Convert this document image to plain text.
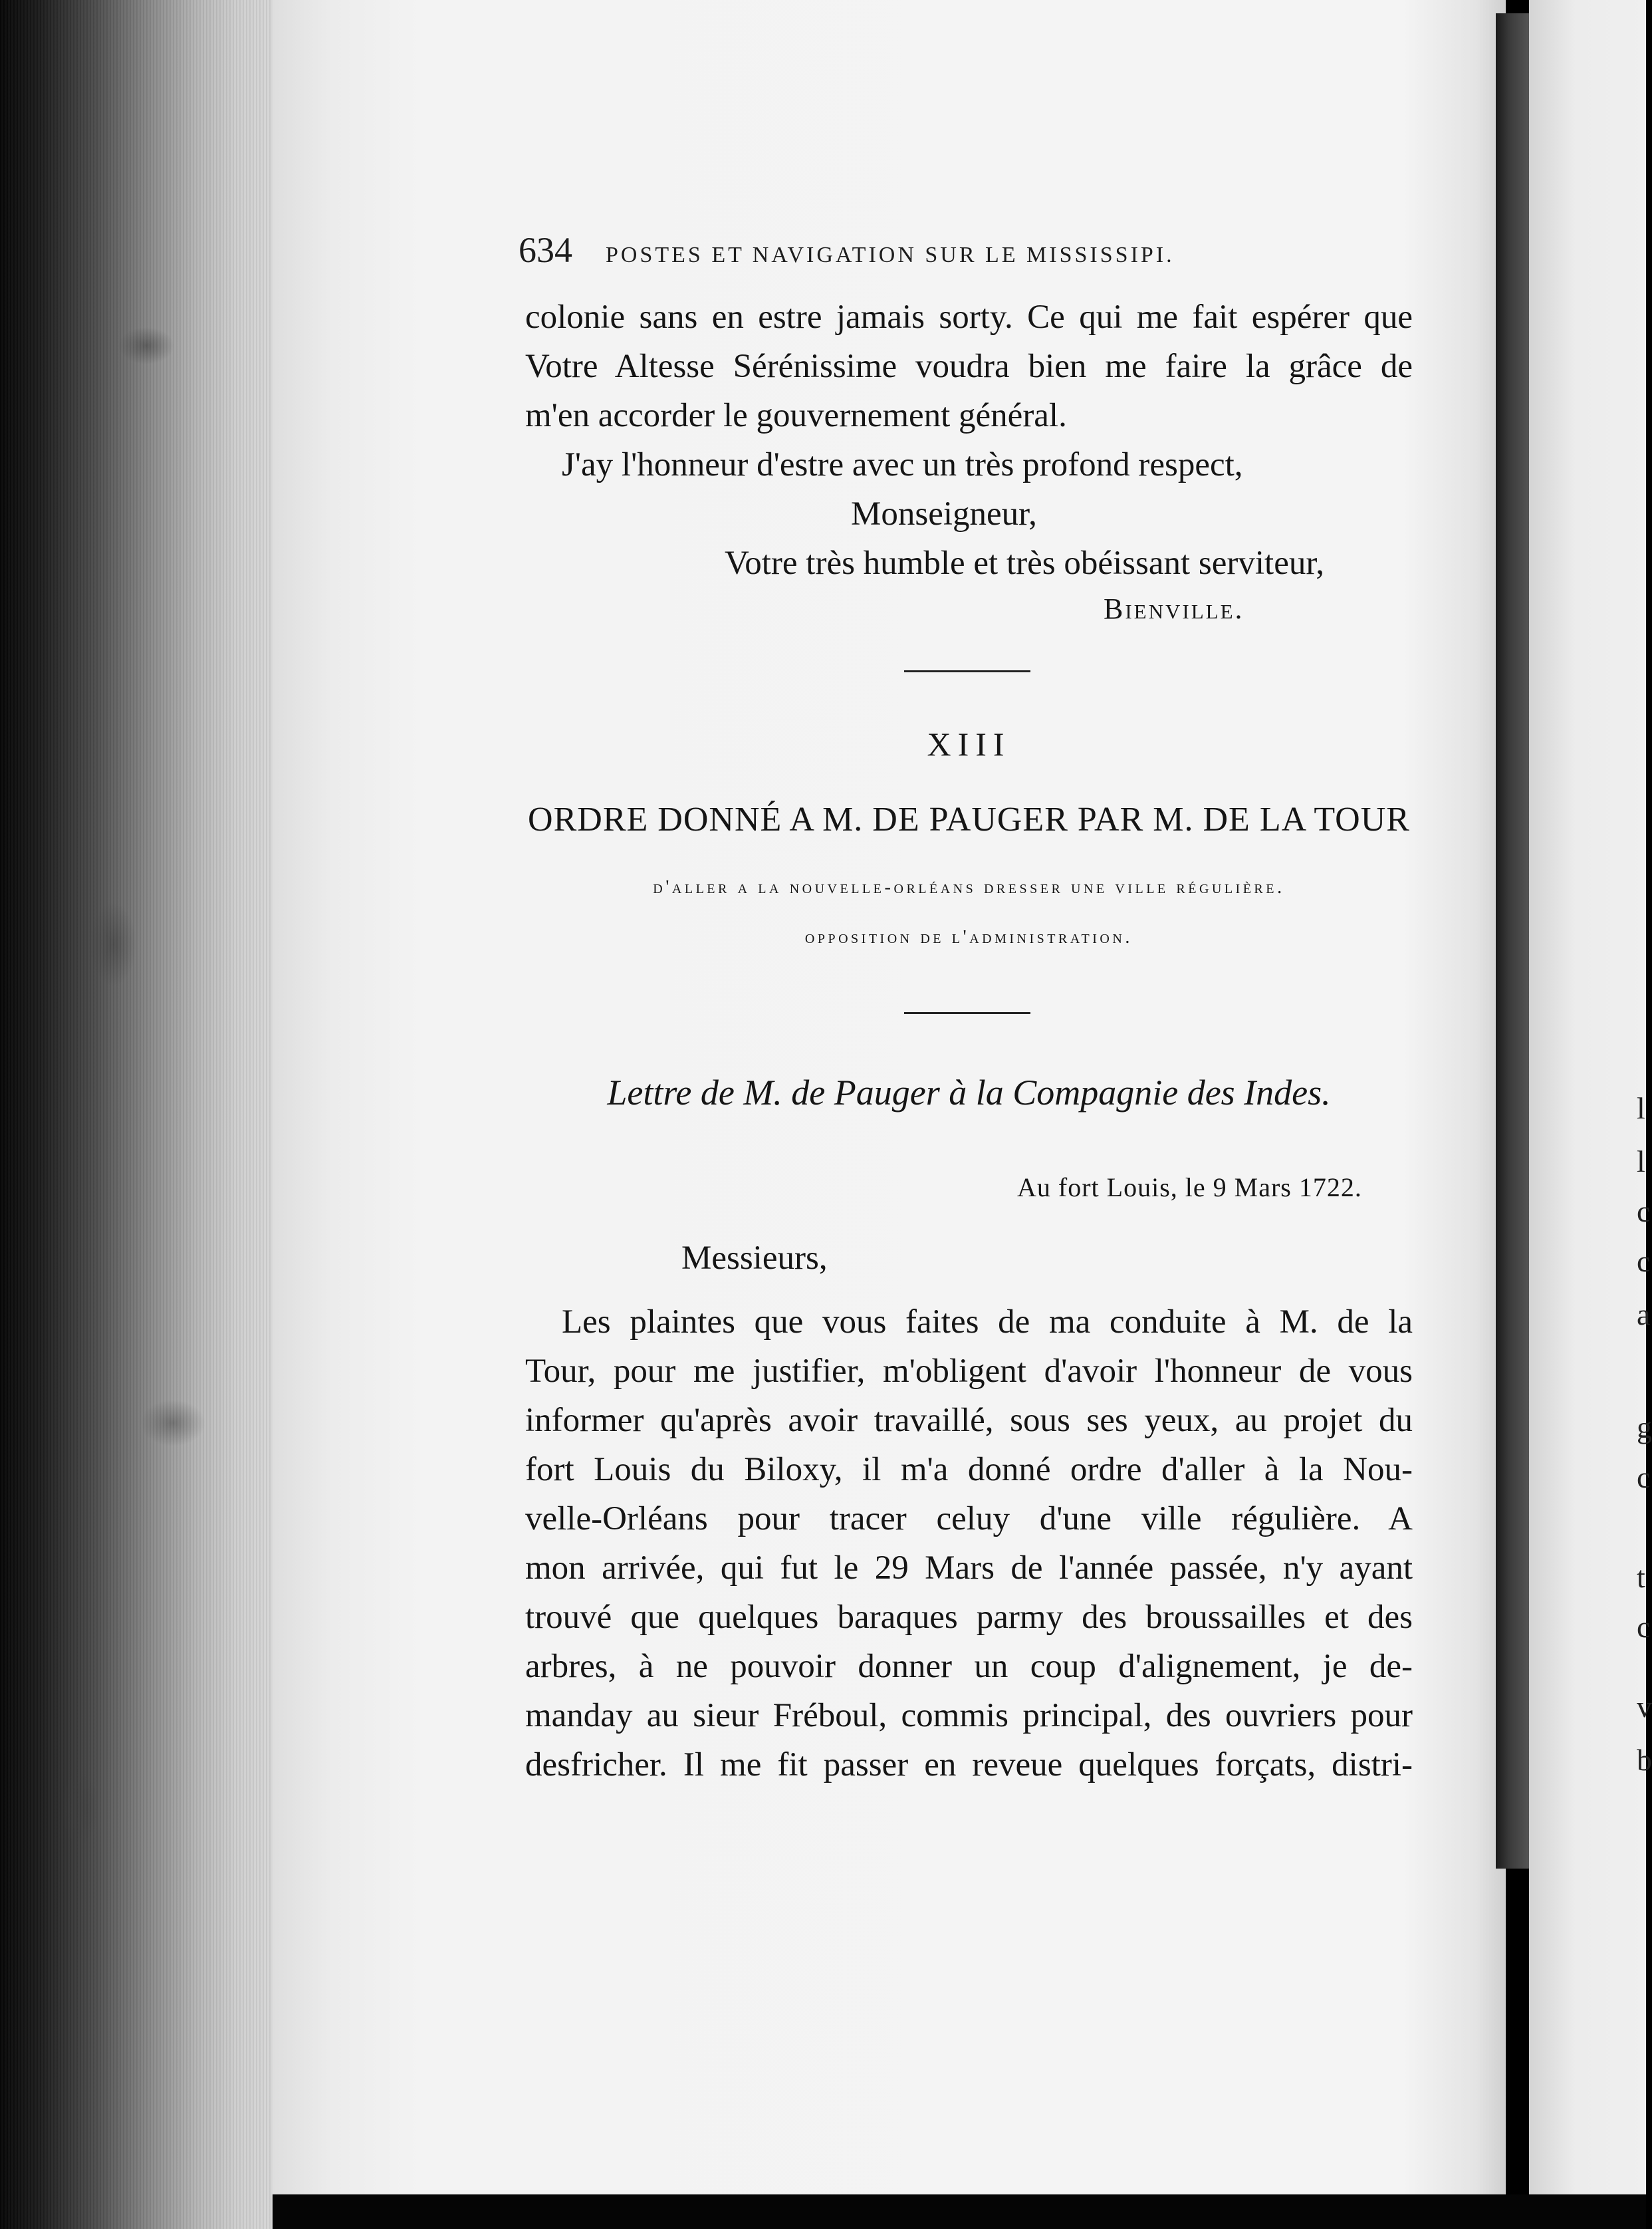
634 POSTES ET NAVIGATION SUR LE MISSISSIPI.
colonie sans en estre jamais sorty. Ce qui me fait espérer que
Votre Altesse Sérénissime voudra bien me faire la grâce de
m'en accorder le gouvernement général.
J'ay l'honneur d'estre avec un très profond respect,
Monseigneur,
Votre très humble et très obéissant serviteur,
Bienville.
XIII
ORDRE DONNÉ A M. DE PAUGER PAR M. DE LA TOUR
d'aller a la nouvelle-orléans dresser une ville régulière.
opposition de l'administration.
Lettre de M. de Pauger à la Compagnie des Indes.
Au fort Louis, le 9 Mars 1722.
Messieurs,
Les plaintes que vous faites de ma conduite à M. de la
Tour, pour me justifier, m'obligent d'avoir l'honneur de vous
informer qu'après avoir travaillé, sous ses yeux, au projet du
fort Louis du Biloxy, il m'a donné ordre d'aller à la Nou-
velle-Orléans pour tracer celuy d'une ville régulière. A
mon arrivée, qui fut le 29 Mars de l'année passée, n'y ayant
trouvé que quelques baraques parmy des broussailles et des
arbres, à ne pouvoir donner un coup d'alignement, je de-
manday au sieur Fréboul, commis principal, des ouvriers pour
desfricher. Il me fit passer en reveue quelques forçats, distri-
l
l
c
c
a
g
c
t
c
v
b
